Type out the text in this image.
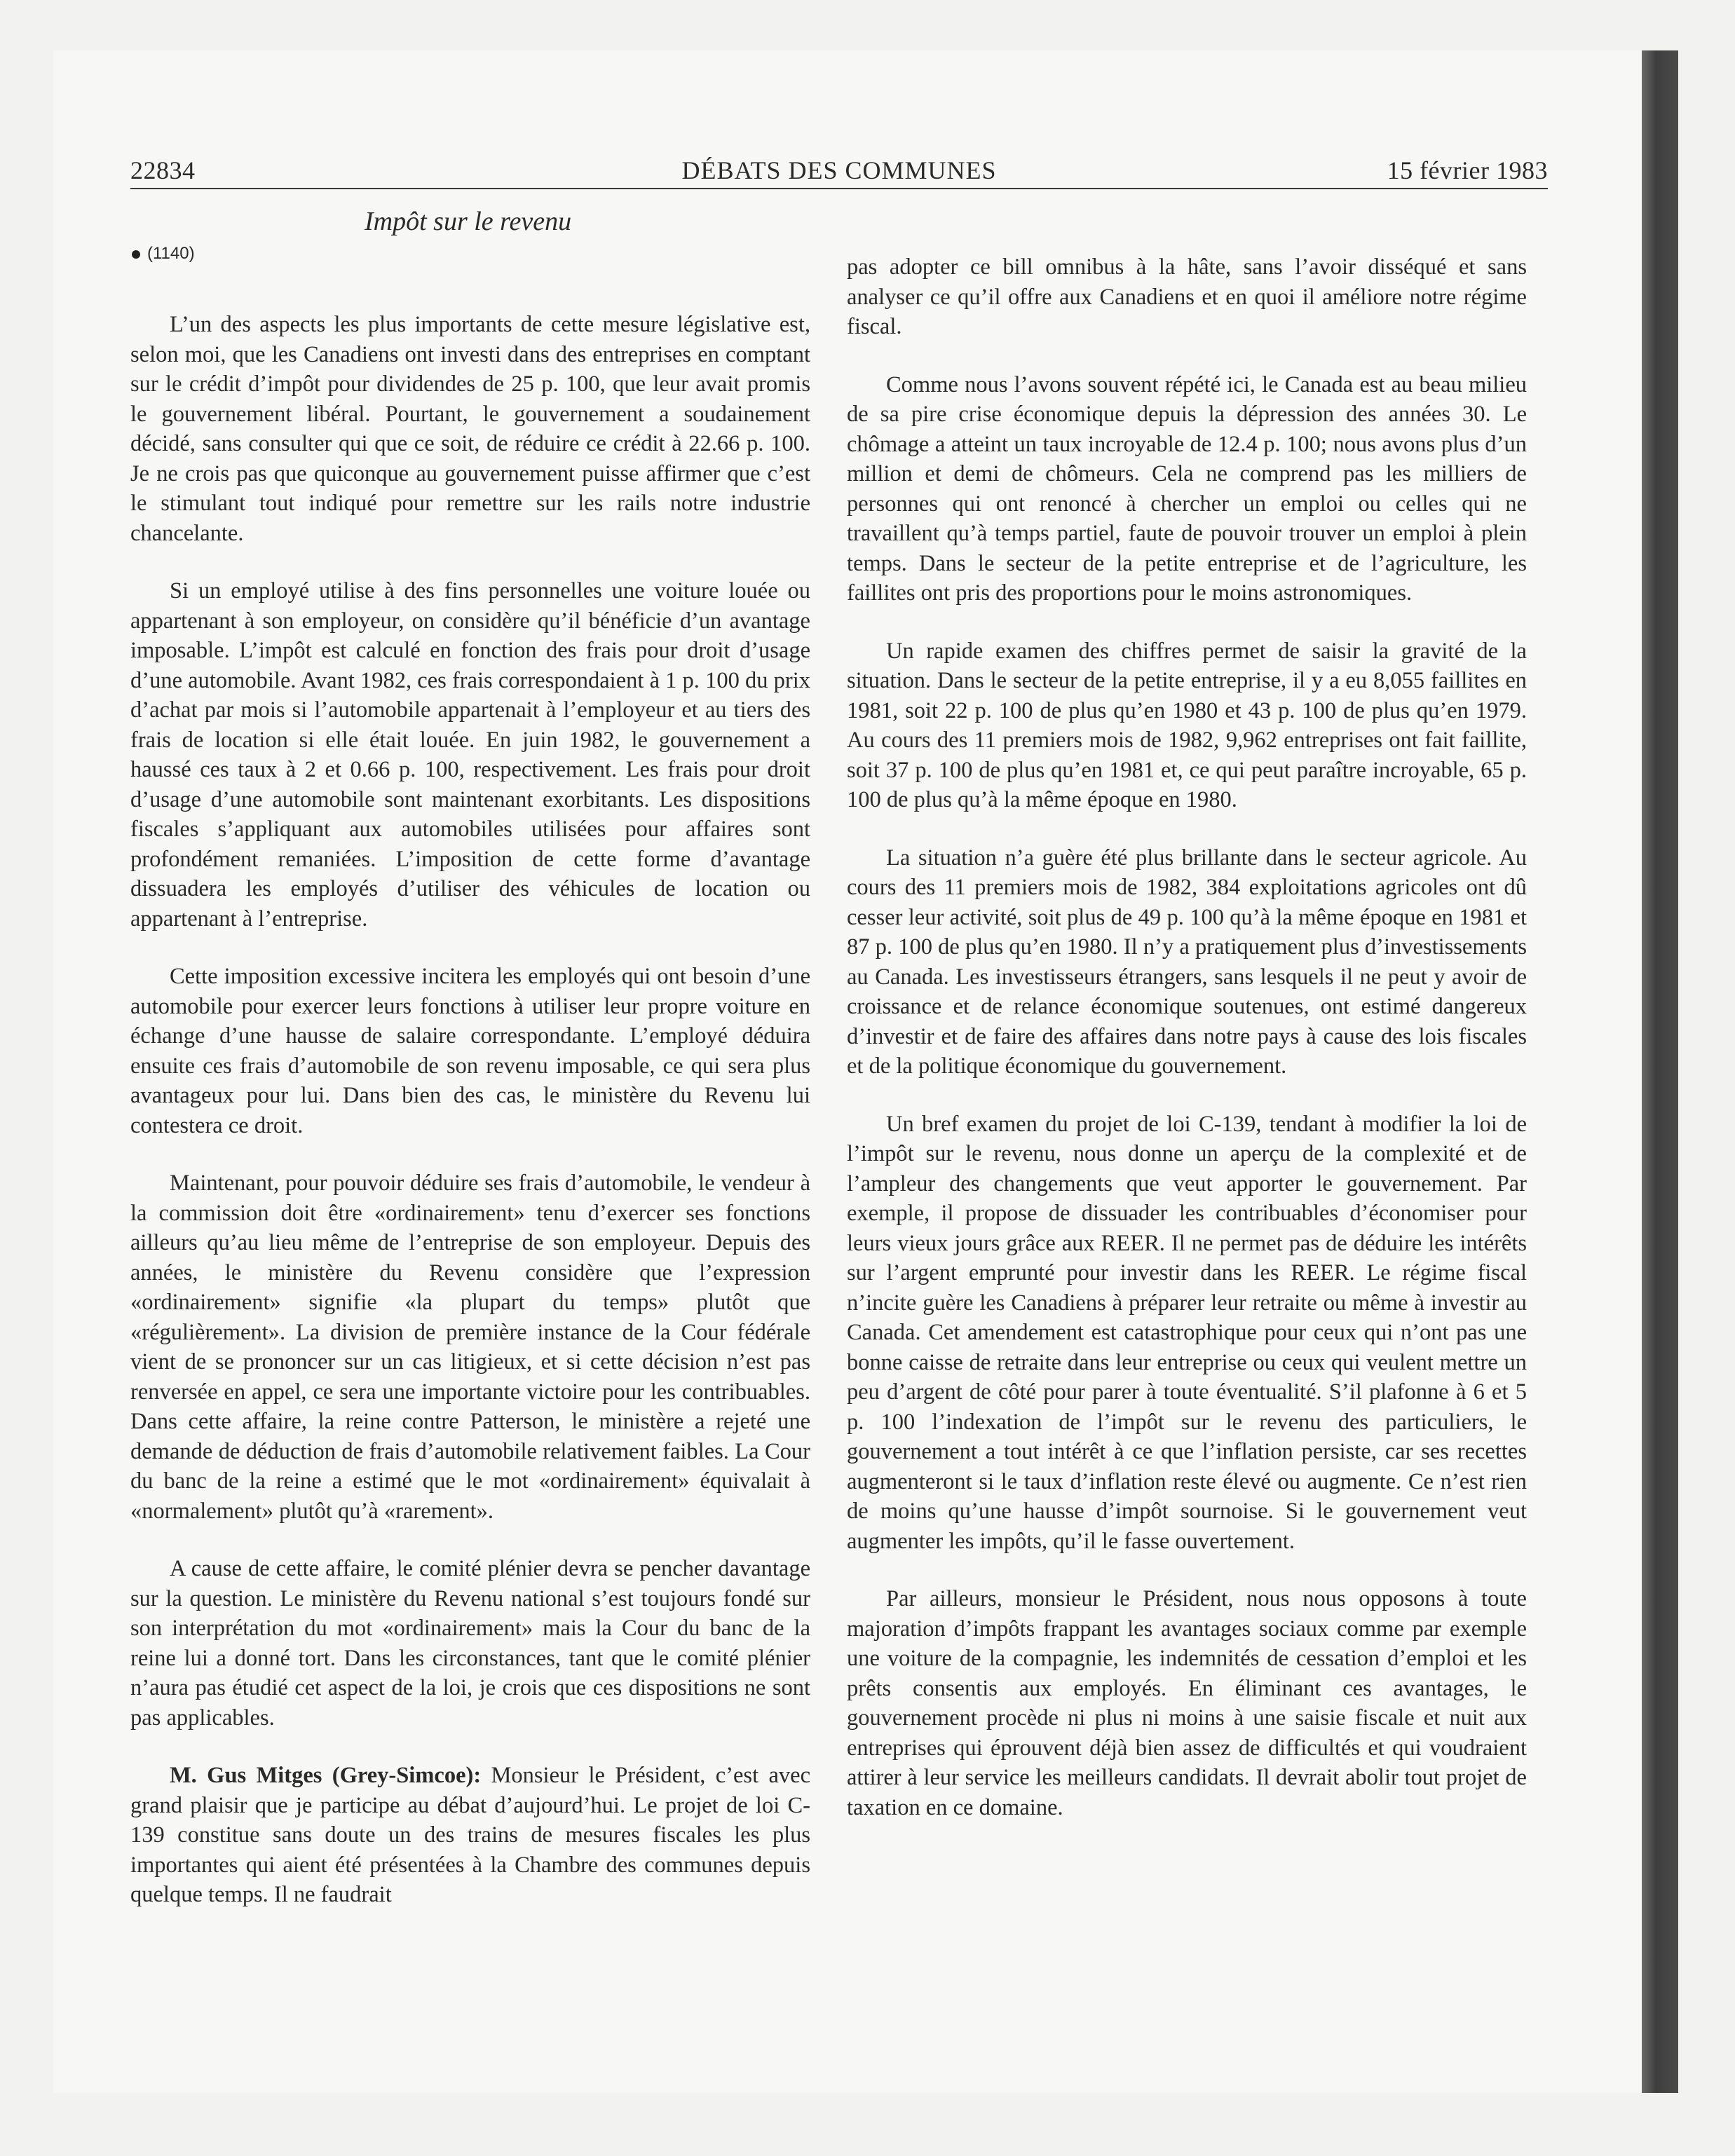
22834	DÉBATS DES COMMUNES	15 février 1983
Impôt sur le revenu
(1140)

L’un des aspects les plus importants de cette mesure législative est, selon moi, que les Canadiens ont investi dans des entreprises en comptant sur le crédit d’impôt pour dividendes de 25 p. 100, que leur avait promis le gouvernement libéral. Pourtant, le gouvernement a soudainement décidé, sans consulter qui que ce soit, de réduire ce crédit à 22.66 p. 100. Je ne crois pas que quiconque au gouvernement puisse affirmer que c’est le stimulant tout indiqué pour remettre sur les rails notre industrie chancelante.

Si un employé utilise à des fins personnelles une voiture louée ou appartenant à son employeur, on considère qu’il bénéficie d’un avantage imposable. L’impôt est calculé en fonction des frais pour droit d’usage d’une automobile. Avant 1982, ces frais correspondaient à 1 p. 100 du prix d’achat par mois si l’automobile appartenait à l’employeur et au tiers des frais de location si elle était louée. En juin 1982, le gouvernement a haussé ces taux à 2 et 0.66 p. 100, respectivement. Les frais pour droit d’usage d’une automobile sont maintenant exorbitants. Les dispositions fiscales s’appliquant aux automobiles utilisées pour affaires sont profondément remaniées. L’imposition de cette forme d’avantage dissuadera les employés d’utiliser des véhicules de location ou appartenant à l’entreprise.

Cette imposition excessive incitera les employés qui ont besoin d’une automobile pour exercer leurs fonctions à utiliser leur propre voiture en échange d’une hausse de salaire correspondante. L’employé déduira ensuite ces frais d’automobile de son revenu imposable, ce qui sera plus avantageux pour lui. Dans bien des cas, le ministère du Revenu lui contestera ce droit.

Maintenant, pour pouvoir déduire ses frais d’automobile, le vendeur à la commission doit être «ordinairement» tenu d’exercer ses fonctions ailleurs qu’au lieu même de l’entreprise de son employeur. Depuis des années, le ministère du Revenu considère que l’expression «ordinairement» signifie «la plupart du temps» plutôt que «régulièrement». La division de première instance de la Cour fédérale vient de se prononcer sur un cas litigieux, et si cette décision n’est pas renversée en appel, ce sera une importante victoire pour les contribuables. Dans cette affaire, la reine contre Patterson, le ministère a rejeté une demande de déduction de frais d’automobile relativement faibles. La Cour du banc de la reine a estimé que le mot «ordinairement» équivalait à «normalement» plutôt qu’à «rarement».

A cause de cette affaire, le comité plénier devra se pencher davantage sur la question. Le ministère du Revenu national s’est toujours fondé sur son interprétation du mot «ordinairement» mais la Cour du banc de la reine lui a donné tort. Dans les circonstances, tant que le comité plénier n’aura pas étudié cet aspect de la loi, je crois que ces dispositions ne sont pas applicables.

M. Gus Mitges (Grey-Simcoe): Monsieur le Président, c’est avec grand plaisir que je participe au débat d’aujourd’hui. Le projet de loi C-139 constitue sans doute un des trains de mesures fiscales les plus importantes qui aient été présentées à la Chambre des communes depuis quelque temps. Il ne faudrait

pas adopter ce bill omnibus à la hâte, sans l’avoir disséqué et sans analyser ce qu’il offre aux Canadiens et en quoi il améliore notre régime fiscal.

Comme nous l’avons souvent répété ici, le Canada est au beau milieu de sa pire crise économique depuis la dépression des années 30. Le chômage a atteint un taux incroyable de 12.4 p. 100; nous avons plus d’un million et demi de chômeurs. Cela ne comprend pas les milliers de personnes qui ont renoncé à chercher un emploi ou celles qui ne travaillent qu’à temps partiel, faute de pouvoir trouver un emploi à plein temps. Dans le secteur de la petite entreprise et de l’agriculture, les faillites ont pris des proportions pour le moins astronomiques.

Un rapide examen des chiffres permet de saisir la gravité de la situation. Dans le secteur de la petite entreprise, il y a eu 8,055 faillites en 1981, soit 22 p. 100 de plus qu’en 1980 et 43 p. 100 de plus qu’en 1979. Au cours des 11 premiers mois de 1982, 9,962 entreprises ont fait faillite, soit 37 p. 100 de plus qu’en 1981 et, ce qui peut paraître incroyable, 65 p. 100 de plus qu’à la même époque en 1980.

La situation n’a guère été plus brillante dans le secteur agricole. Au cours des 11 premiers mois de 1982, 384 exploitations agricoles ont dû cesser leur activité, soit plus de 49 p. 100 qu’à la même époque en 1981 et 87 p. 100 de plus qu’en 1980. Il n’y a pratiquement plus d’investissements au Canada. Les investisseurs étrangers, sans lesquels il ne peut y avoir de croissance et de relance économique soutenues, ont estimé dangereux d’investir et de faire des affaires dans notre pays à cause des lois fiscales et de la politique économique du gouvernement.

Un bref examen du projet de loi C-139, tendant à modifier la loi de l’impôt sur le revenu, nous donne un aperçu de la complexité et de l’ampleur des changements que veut apporter le gouvernement. Par exemple, il propose de dissuader les contribuables d’économiser pour leurs vieux jours grâce aux REER. Il ne permet pas de déduire les intérêts sur l’argent emprunté pour investir dans les REER. Le régime fiscal n’incite guère les Canadiens à préparer leur retraite ou même à investir au Canada. Cet amendement est catastrophique pour ceux qui n’ont pas une bonne caisse de retraite dans leur entreprise ou ceux qui veulent mettre un peu d’argent de côté pour parer à toute éventualité. S’il plafonne à 6 et 5 p. 100 l’indexation de l’impôt sur le revenu des particuliers, le gouvernement a tout intérêt à ce que l’inflation persiste, car ses recettes augmenteront si le taux d’inflation reste élevé ou augmente. Ce n’est rien de moins qu’une hausse d’impôt sournoise. Si le gouvernement veut augmenter les impôts, qu’il le fasse ouvertement.

Par ailleurs, monsieur le Président, nous nous opposons à toute majoration d’impôts frappant les avantages sociaux comme par exemple une voiture de la compagnie, les indemnités de cessation d’emploi et les prêts consentis aux employés. En éliminant ces avantages, le gouvernement procède ni plus ni moins à une saisie fiscale et nuit aux entreprises qui éprouvent déjà bien assez de difficultés et qui voudraient attirer à leur service les meilleurs candidats. Il devrait abolir tout projet de taxation en ce domaine.
